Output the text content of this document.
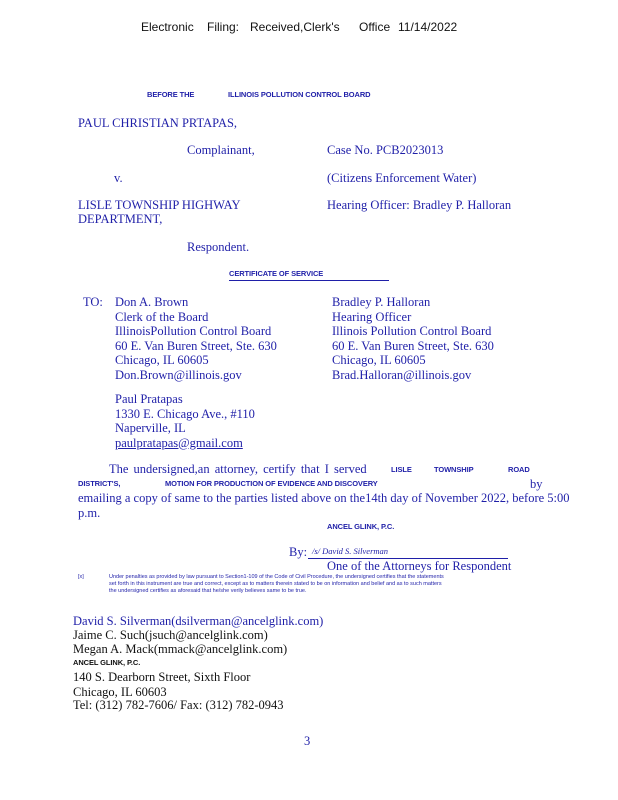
Electronic Filing: Received,Clerk's Office 11/14/2022
BEFORE THE	ILLINOIS POLLUTION CONTROL BOARD
PAUL CHRISTIAN PRTAPAS,
Complainant,	Case No. PCB2023013
v.	(Citizens Enforcement Water)
LISLE TOWNSHIP HIGHWAY
DEPARTMENT,
Hearing Officer: Bradley P. Halloran
Respondent.
CERTIFICATE OF SERVICE
TO: Don A. Brown
Clerk of the Board
IllinoisPollution Control Board
60 E. Van Buren Street, Ste. 630
Chicago, IL 60605
Don.Brown@illinois.gov
Bradley P. Halloran
Hearing Officer
Illinois Pollution Control Board
60 E. Van Buren Street, Ste. 630
Chicago, IL 60605
Brad.Halloran@illinois.gov
Paul Pratapas
1330 E. Chicago Ave., #110
Naperville, IL
paulpratapas@gmail.com
The undersigned,an attorney, certify that I served	LISLE	TOWNSHIP	ROAD
DISTRICT'S,	MOTION FOR PRODUCTION OF EVIDENCE AND DISCOVERY	by
emailing a copy of same to the parties listed above on the14th day of November 2022, before 5:00
p.m.
ANCEL GLINK, P.C.
By: /s/ David S. Silverman
One of the Attorneys for Respondent
[x]	Under penalties as provided by law pursuant to Section1-109 of the Code of Civil Procedure, the undersigned certifies that the statements
set forth in this instrument are true and correct, except as to matters therein stated to be on information and belief and as to such matters
the undersigned certifies as aforesaid that he/she verily believes same to be true.
David S. Silverman(dsilverman@ancelglink.com)
Jaime C. Such(jsuch@ancelglink.com)
Megan A. Mack(mmack@ancelglink.com)
ANCEL GLINK, P.C.
140 S. Dearborn Street, Sixth Floor
Chicago, IL 60603
Tel: (312) 782-7606/ Fax: (312) 782-0943
3
